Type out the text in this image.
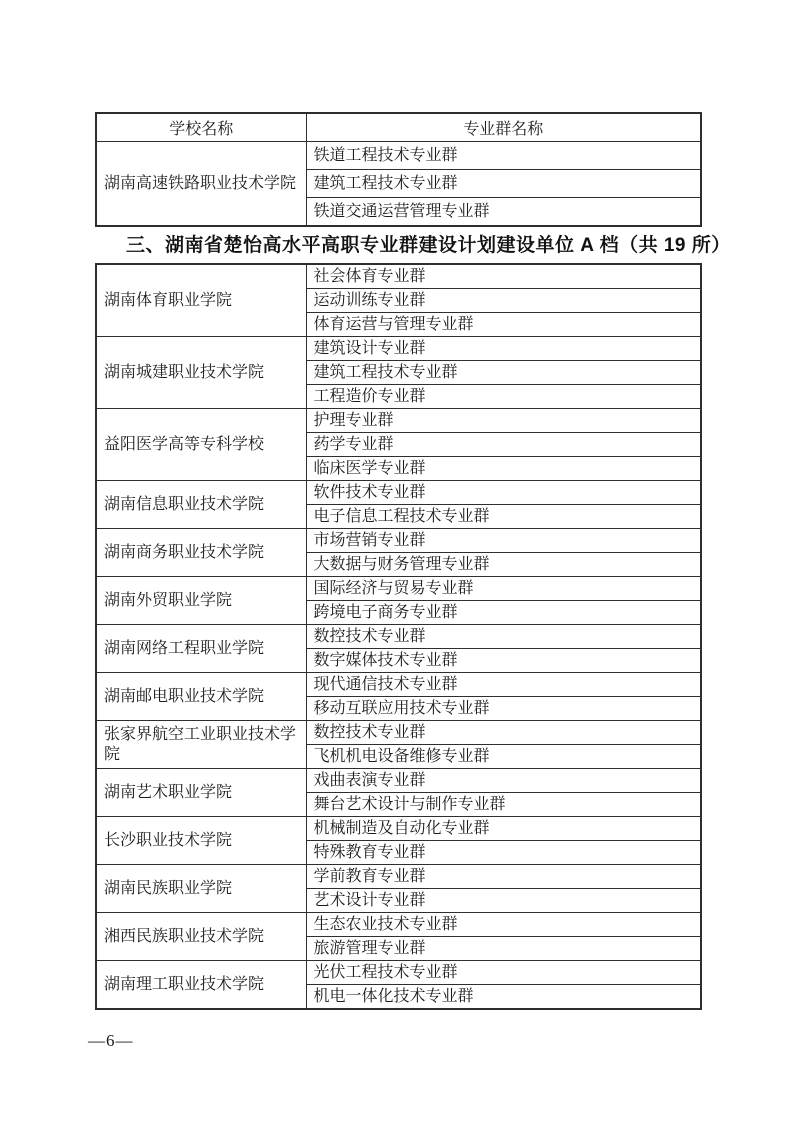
学校名称	专业群名称
湖南高速铁路职业技术学院	铁道工程技术专业群
	建筑工程技术专业群
	铁道交通运营管理专业群
三、湖南省楚怡高水平高职专业群建设计划建设单位 A 档（共 19 所）
湖南体育职业学院	社会体育专业群
	运动训练专业群
	体育运营与管理专业群
湖南城建职业技术学院	建筑设计专业群
	建筑工程技术专业群
	工程造价专业群
益阳医学高等专科学校	护理专业群
	药学专业群
	临床医学专业群
湖南信息职业技术学院	软件技术专业群
	电子信息工程技术专业群
湖南商务职业技术学院	市场营销专业群
	大数据与财务管理专业群
湖南外贸职业学院	国际经济与贸易专业群
	跨境电子商务专业群
湖南网络工程职业学院	数控技术专业群
	数字媒体技术专业群
湖南邮电职业技术学院	现代通信技术专业群
	移动互联应用技术专业群
张家界航空工业职业技术学院	数控技术专业群
	飞机机电设备维修专业群
湖南艺术职业学院	戏曲表演专业群
	舞台艺术设计与制作专业群
长沙职业技术学院	机械制造及自动化专业群
	特殊教育专业群
湖南民族职业学院	学前教育专业群
	艺术设计专业群
湘西民族职业技术学院	生态农业技术专业群
	旅游管理专业群
湖南理工职业技术学院	光伏工程技术专业群
	机电一体化技术专业群
—6—
